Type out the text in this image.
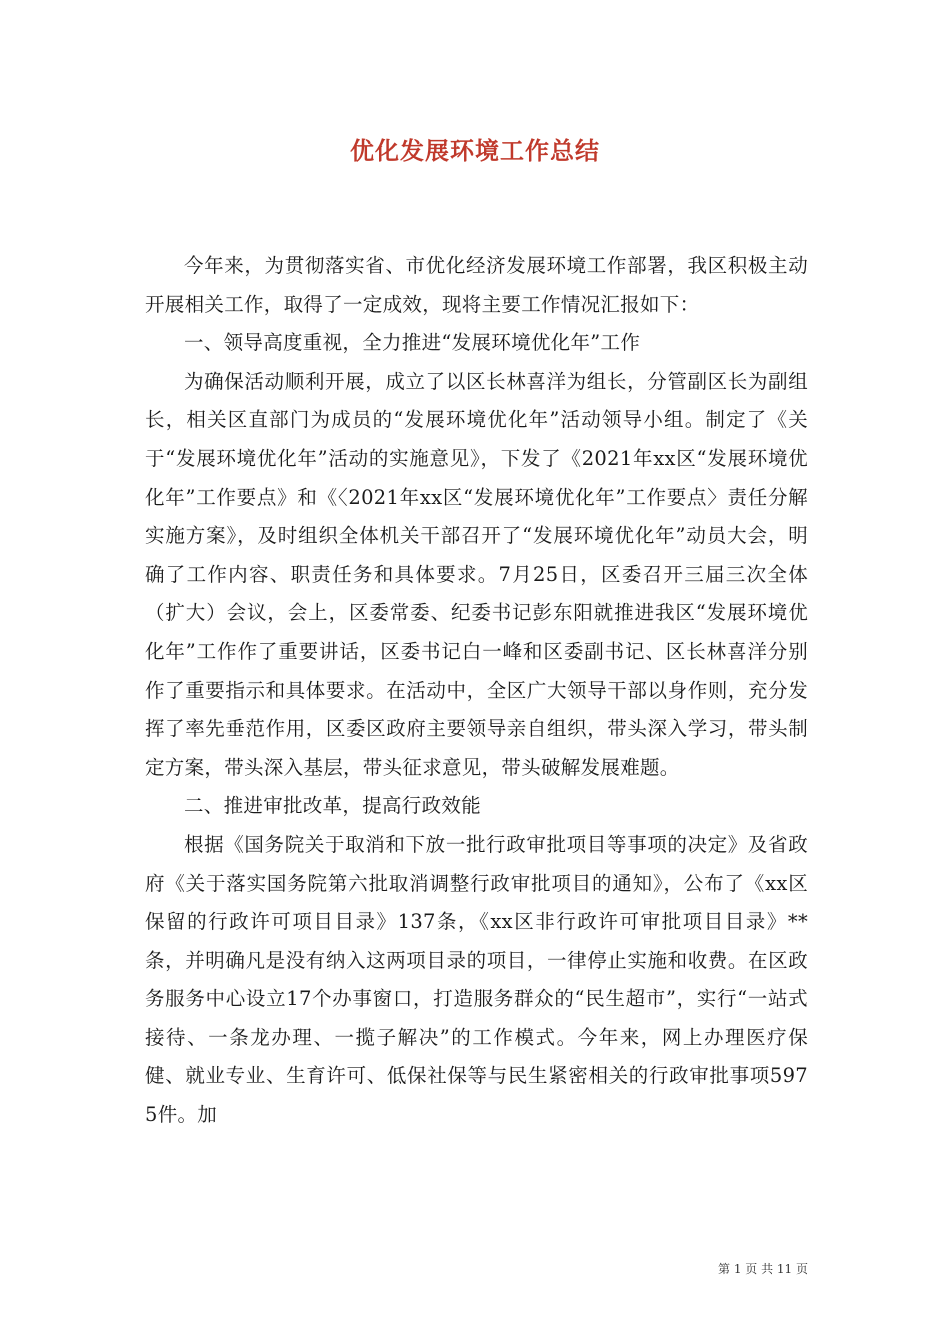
优化发展环境工作总结

今年来，为贯彻落实省、市优化经济发展环境工作部署，我区积极主动开展相关工作，取得了一定成效，现将主要工作情况汇报如下：

一、领导高度重视，全力推进“发展环境优化年”工作

为确保活动顺利开展，成立了以区长林喜洋为组长，分管副区长为副组长，相关区直部门为成员的“发展环境优化年”活动领导小组。制定了《关于“发展环境优化年”活动的实施意见》，下发了《2021年xx区“发展环境优化年”工作要点》和《〈2021年xx区“发展环境优化年”工作要点〉责任分解实施方案》，及时组织全体机关干部召开了“发展环境优化年”动员大会，明确了工作内容、职责任务和具体要求。7月25日，区委召开三届三次全体（扩大）会议，会上，区委常委、纪委书记彭东阳就推进我区“发展环境优化年”工作作了重要讲话，区委书记白一峰和区委副书记、区长林喜洋分别作了重要指示和具体要求。在活动中，全区广大领导干部以身作则，充分发挥了率先垂范作用，区委区政府主要领导亲自组织，带头深入学习，带头制定方案，带头深入基层，带头征求意见，带头破解发展难题。

二、推进审批改革，提高行政效能

根据《国务院关于取消和下放一批行政审批项目等事项的决定》及省政府《关于落实国务院第六批取消调整行政审批项目的通知》，公布了《xx区保留的行政许可项目目录》137条，《xx区非行政许可审批项目目录》**条，并明确凡是没有纳入这两项目录的项目，一律停止实施和收费。在区政务服务中心设立17个办事窗口，打造服务群众的“民生超市”，实行“一站式接待、一条龙办理、一揽子解决”的工作模式。今年来，网上办理医疗保健、就业专业、生育许可、低保社保等与民生紧密相关的行政审批事项5975件。加

第 1 页 共 11 页
